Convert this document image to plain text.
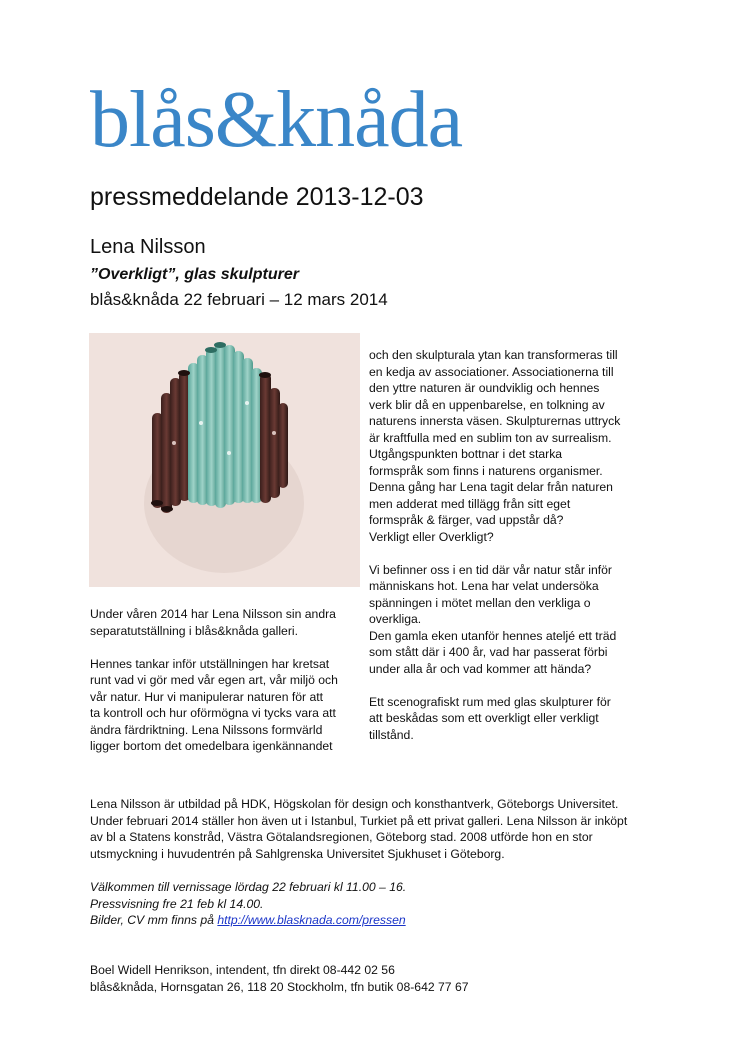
blås&knåda
pressmeddelande 2013-12-03
Lena Nilsson
”Overkligt”, glas skulpturer
blås&knåda 22 februari – 12 mars 2014

och den skulpturala ytan kan transformeras till

en kedja av associationer. Associationerna till

den yttre naturen är oundviklig och hennes

verk blir då en uppenbarelse, en tolkning av

naturens innersta väsen. Skulpturernas uttryck

är kraftfulla med en sublim ton av surrealism.

Utgångspunkten bottnar i det starka

formspråk som finns i naturens organismer.

Denna gång har Lena tagit delar från naturen

men adderat med tillägg från sitt eget

formspråk & färger, vad uppstår då?

Verkligt eller Overkligt?

Vi befinner oss i en tid där vår natur står inför

människans hot. Lena har velat undersöka

spänningen i mötet mellan den verkliga o

overkliga.

Den gamla eken utanför hennes ateljé ett träd

som stått där i 400 år, vad har passerat förbi

under alla år och vad kommer att hända?

Ett scenografiskt rum med glas skulpturer för

att beskådas som ett overkligt eller verkligt

tillstånd.

Under våren 2014 har Lena Nilsson sin andra

separatutställning i blås&knåda galleri.

Hennes tankar inför utställningen har kretsat

runt vad vi gör med vår egen art, vår miljö och

vår natur. Hur vi manipulerar naturen för att

ta kontroll och hur oförmögna vi tycks vara att

ändra färdriktning. Lena Nilssons formvärld

ligger bortom det omedelbara igenkännandet

Lena Nilsson är utbildad på HDK, Högskolan för design och konsthantverk, Göteborgs Universitet.

Under februari 2014 ställer hon även ut i Istanbul, Turkiet på ett privat galleri. Lena Nilsson är inköpt

av bl a Statens konstråd, Västra Götalandsregionen, Göteborg stad. 2008 utförde hon en stor

utsmyckning i huvudentrén på Sahlgrenska Universitet Sjukhuset i Göteborg.

Välkommen till vernissage lördag 22 februari kl 11.00 – 16.

Pressvisning fre 21 feb kl 14.00.

Bilder, CV mm finns på http://www.blasknada.com/pressen

Boel Widell Henrikson, intendent, tfn direkt 08-442 02 56

blås&knåda, Hornsgatan 26, 118 20 Stockholm, tfn butik 08-642 77 67
